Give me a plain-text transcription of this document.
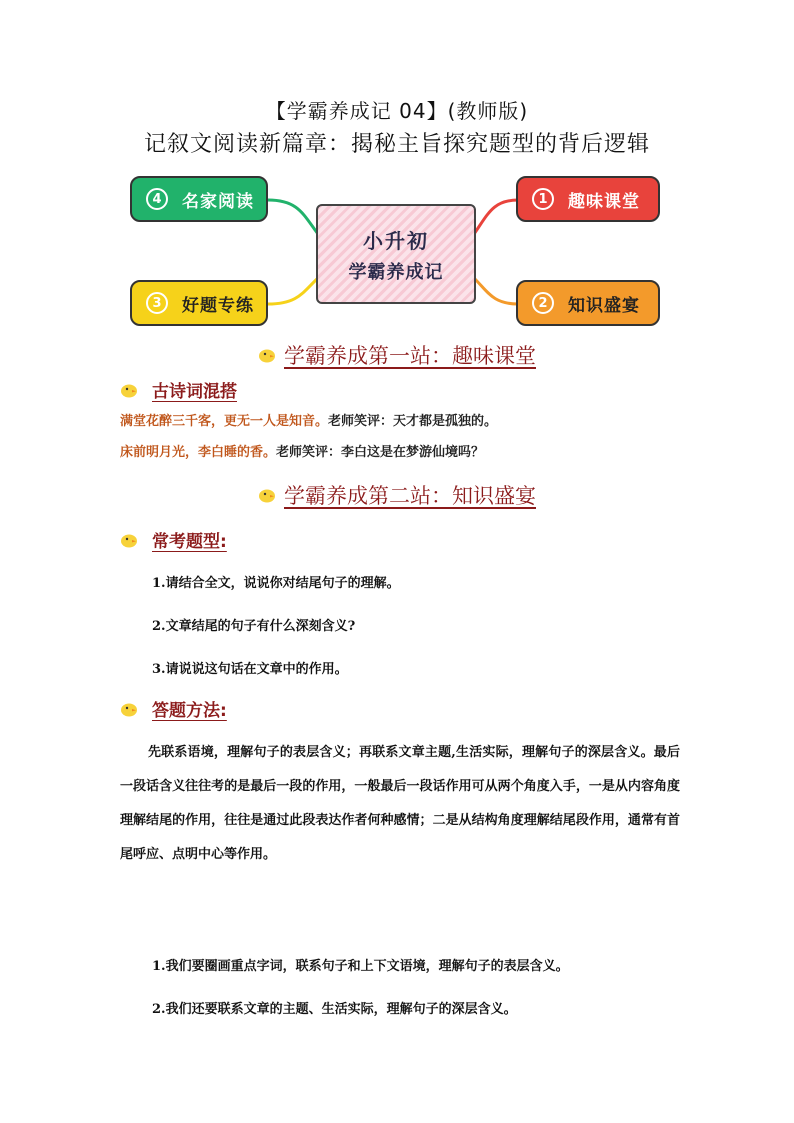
【学霸养成记 04】(教师版)
记叙文阅读新篇章：揭秘主旨探究题型的背后逻辑
4	名家阅读	1	趣味课堂
3	好题专练	2	知识盛宴
小升初
学霸养成记
学霸养成第一站：趣味课堂
古诗词混搭
满堂花醉三千客，更无一人是知音。老师笑评：天才都是孤独的。
床前明月光，李白睡的香。老师笑评：李白这是在梦游仙境吗？
学霸养成第二站：知识盛宴
常考题型:
1.请结合全文，说说你对结尾句子的理解。
2.文章结尾的句子有什么深刻含义?
3.请说说这句话在文章中的作用。
答题方法:
先联系语境，理解句子的表层含义；再联系文章主题,生活实际，理解句子的深层含义。最后一段话含义往往考的是最后一段的作用，一般最后一段话作用可从两个角度入手，一是从内容角度理解结尾的作用，往往是通过此段表达作者何种感情；二是从结构角度理解结尾段作用，通常有首尾呼应、点明中心等作用。
1.我们要圈画重点字词，联系句子和上下文语境，理解句子的表层含义。
2.我们还要联系文章的主题、生活实际，理解句子的深层含义。
